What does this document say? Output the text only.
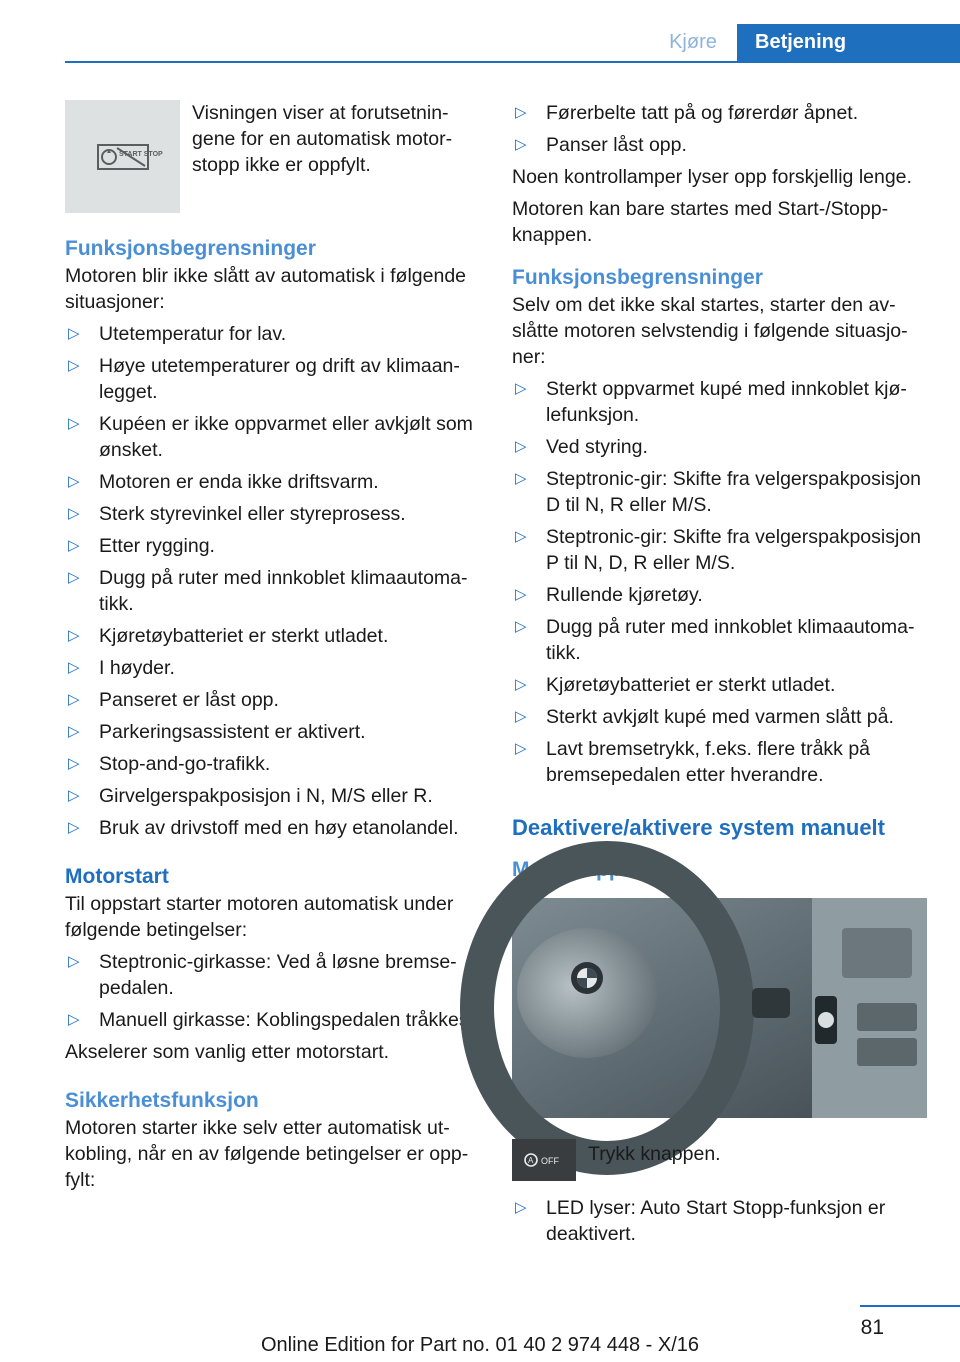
Kjøre	Betjening
START STOP

Visningen viser at forutsetningene for en automatisk motorstopp ikke er oppfylt.

Funksjonsbegrensninger

Motoren blir ikke slått av automatisk i følgende situasjoner:

▷ Utetemperatur for lav.
▷ Høye utetemperaturer og drift av klimaanlegget.
▷ Kupéen er ikke oppvarmet eller avkjølt som ønsket.
▷ Motoren er enda ikke driftsvarm.
▷ Sterk styrevinkel eller styreprosess.
▷ Etter rygging.
▷ Dugg på ruter med innkoblet klimaautomatikk.
▷ Kjøretøybatteriet er sterkt utladet.
▷ I høyder.
▷ Panseret er låst opp.
▷ Parkeringsassistent er aktivert.
▷ Stop-and-go-trafikk.
▷ Girvelgerspakposisjon i N, M/S eller R.
▷ Bruk av drivstoff med en høy etanolandel.
Motorstart

Til oppstart starter motoren automatisk under følgende betingelser:

▷ Steptronic-girkasse: Ved å løsne bremsepedalen.
▷ Manuell girkasse: Koblingspedalen tråkkes.

Akselerer som vanlig etter motorstart.

Sikkerhetsfunksjon

Motoren starter ikke selv etter automatisk utkobling, når en av følgende betingelser er oppfylt:

▷ Førerbelte tatt på og førerdør åpnet.
▷ Panser låst opp.

Noen kontrollamper lyser opp forskjellig lenge.

Motoren kan bare startes med Start-/Stopp-knappen.

Funksjonsbegrensninger

Selv om det ikke skal startes, starter den avslåtte motoren selvstendig i følgende situasjoner:

▷ Sterkt oppvarmet kupé med innkoblet kjølefunksjon.
▷ Ved styring.
▷ Steptronic-gir: Skifte fra velgerspakposisjon D til N, R eller M/S.
▷ Steptronic-gir: Skifte fra velgerspakposisjon P til N, D, R eller M/S.
▷ Rullende kjøretøy.
▷ Dugg på ruter med innkoblet klimaautomatikk.
▷ Kjøretøybatteriet er sterkt utladet.
▷ Sterkt avkjølt kupé med varmen slått på.
▷ Lavt bremsetrykk, f.eks. flere tråkk på bremsepedalen etter hverandre.
Deaktivere/aktivere system manuelt
Med knapp
A OFF Trykk knappen.

▷ LED lyser: Auto Start Stopp-funksjon er deaktivert.
81
Online Edition for Part no. 01 40 2 974 448 - X/16
